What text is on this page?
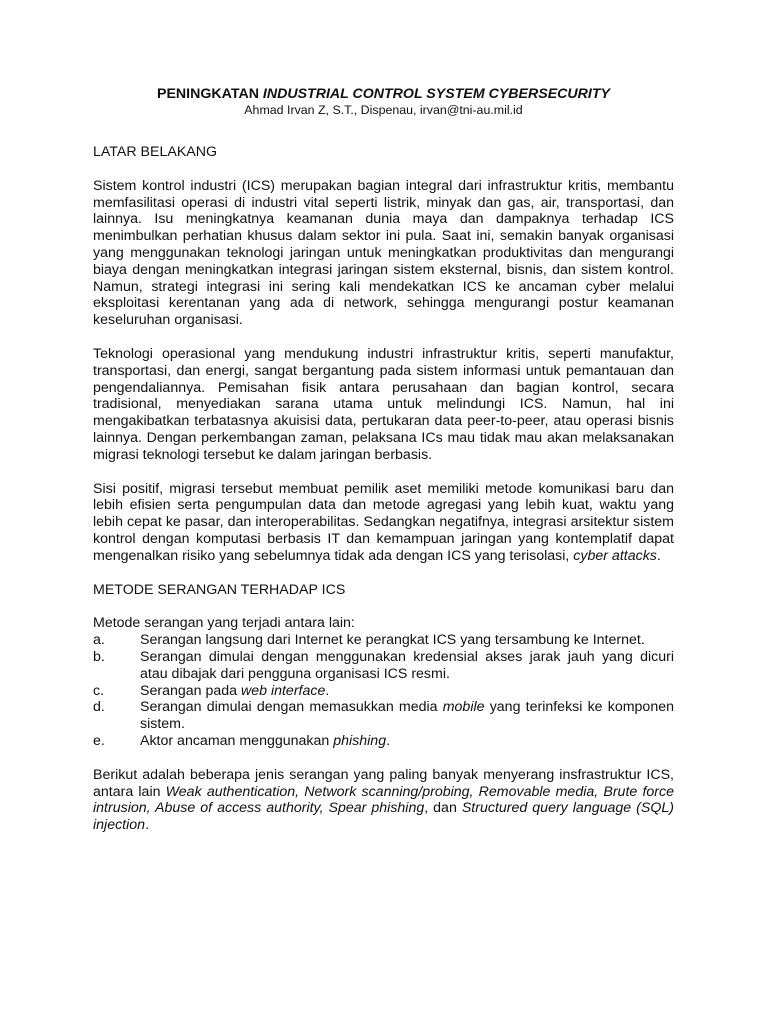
PENINGKATAN INDUSTRIAL CONTROL SYSTEM CYBERSECURITY
Ahmad Irvan Z, S.T., Dispenau, irvan@tni-au.mil.id
LATAR BELAKANG

Sistem kontrol industri (ICS) merupakan bagian integral dari infrastruktur kritis, membantu memfasilitasi operasi di industri vital seperti listrik, minyak dan gas, air, transportasi, dan lainnya. Isu meningkatnya keamanan dunia maya dan dampaknya terhadap ICS menimbulkan perhatian khusus dalam sektor ini pula. Saat ini, semakin banyak organisasi yang menggunakan teknologi jaringan untuk meningkatkan produktivitas dan mengurangi biaya dengan meningkatkan integrasi jaringan sistem eksternal, bisnis, dan sistem kontrol. Namun, strategi integrasi ini sering kali mendekatkan ICS ke ancaman cyber melalui eksploitasi kerentanan yang ada di network, sehingga mengurangi postur keamanan keseluruhan organisasi.

Teknologi operasional yang mendukung industri infrastruktur kritis, seperti manufaktur, transportasi, dan energi, sangat bergantung pada sistem informasi untuk pemantauan dan pengendaliannya. Pemisahan fisik antara perusahaan dan bagian kontrol, secara tradisional, menyediakan sarana utama untuk melindungi ICS. Namun, hal ini mengakibatkan terbatasnya akuisisi data, pertukaran data peer-to-peer, atau operasi bisnis lainnya. Dengan perkembangan zaman, pelaksana ICs mau tidak mau akan melaksanakan migrasi teknologi tersebut ke dalam jaringan berbasis.

Sisi positif, migrasi tersebut membuat pemilik aset memiliki metode komunikasi baru dan lebih efisien serta pengumpulan data dan metode agregasi yang lebih kuat, waktu yang lebih cepat ke pasar, dan interoperabilitas. Sedangkan negatifnya, integrasi arsitektur sistem kontrol dengan komputasi berbasis IT dan kemampuan jaringan yang kontemplatif dapat mengenalkan risiko yang sebelumnya tidak ada dengan ICS yang terisolasi, cyber attacks.

METODE SERANGAN TERHADAP ICS
Metode serangan yang terjadi antara lain:
a.	Serangan langsung dari Internet ke perangkat ICS yang tersambung ke Internet.
b.	Serangan dimulai dengan menggunakan kredensial akses jarak jauh yang dicuri atau dibajak dari pengguna organisasi ICS resmi.
c.	Serangan pada web interface.
d.	Serangan dimulai dengan memasukkan media mobile yang terinfeksi ke komponen sistem.
e.	Aktor ancaman menggunakan phishing.

Berikut adalah beberapa jenis serangan yang paling banyak menyerang insfrastruktur ICS, antara lain Weak authentication, Network scanning/probing, Removable media, Brute force intrusion, Abuse of access authority, Spear phishing, dan Structured query language (SQL) injection.
